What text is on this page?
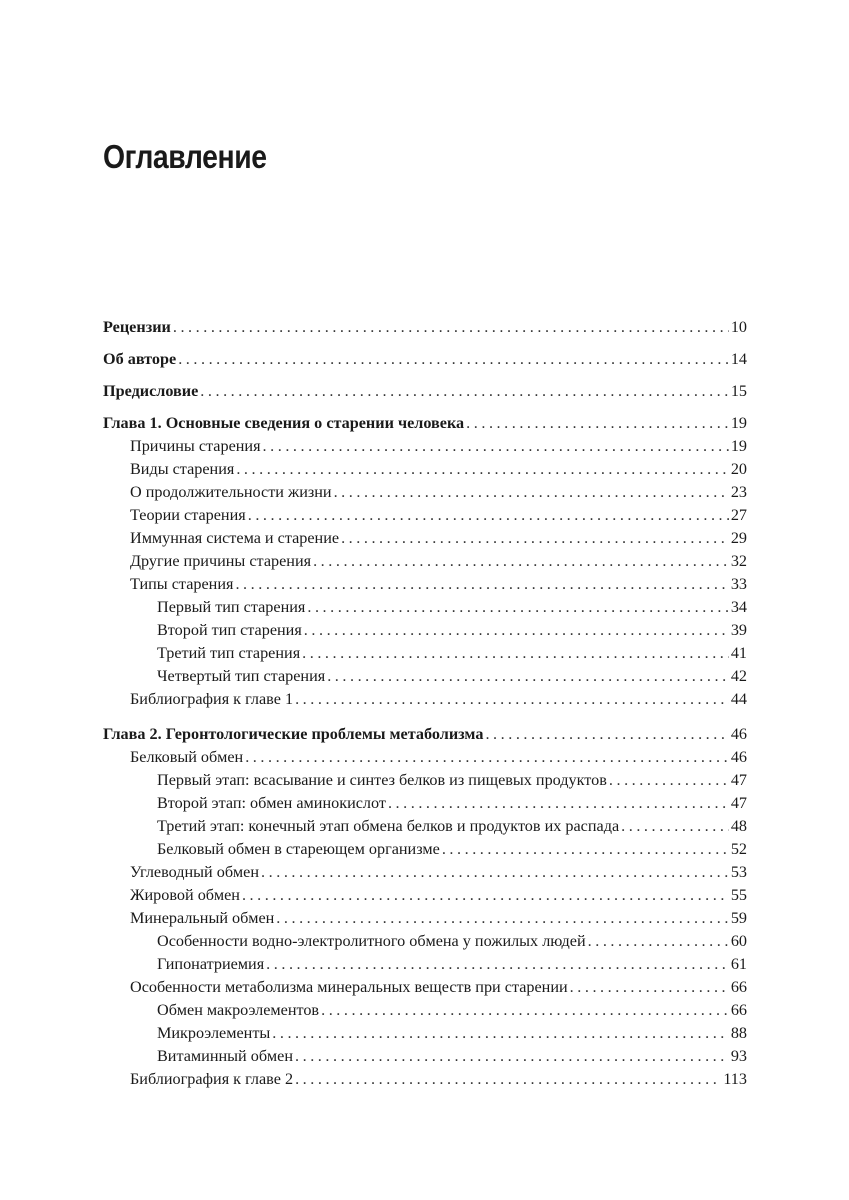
Оглавление
Рецензии . . .	10
Об авторе . . .	14
Предисловие . . .	15
Глава 1. Основные сведения о старении человека . . .	19
Причины старения . . .	19
Виды старения . . .	20
О продолжительности жизни . . .	23
Теории старения . . .	27
Иммунная система и старение . . .	29
Другие причины старения . . .	32
Типы старения . . .	33
Первый тип старения . . .	34
Второй тип старения . . .	39
Третий тип старения . . .	41
Четвертый тип старения . . .	42
Библиография к главе 1 . . .	44
Глава 2. Геронтологические проблемы метаболизма . . .	46
Белковый обмен . . .	46
Первый этап: всасывание и синтез белков из пищевых продуктов . . .	47
Второй этап: обмен аминокислот . . .	47
Третий этап: конечный этап обмена белков и продуктов их распада . . .	48
Белковый обмен в стареющем организме . . .	52
Углеводный обмен . . .	53
Жировой обмен . . .	55
Минеральный обмен . . .	59
Особенности водно-электролитного обмена у пожилых людей . . .	60
Гипонатриемия . . .	61
Особенности метаболизма минеральных веществ при старении . . .	66
Обмен макроэлементов . . .	66
Микроэлементы . . .	88
Витаминный обмен . . .	93
Библиография к главе 2 . . .	113
